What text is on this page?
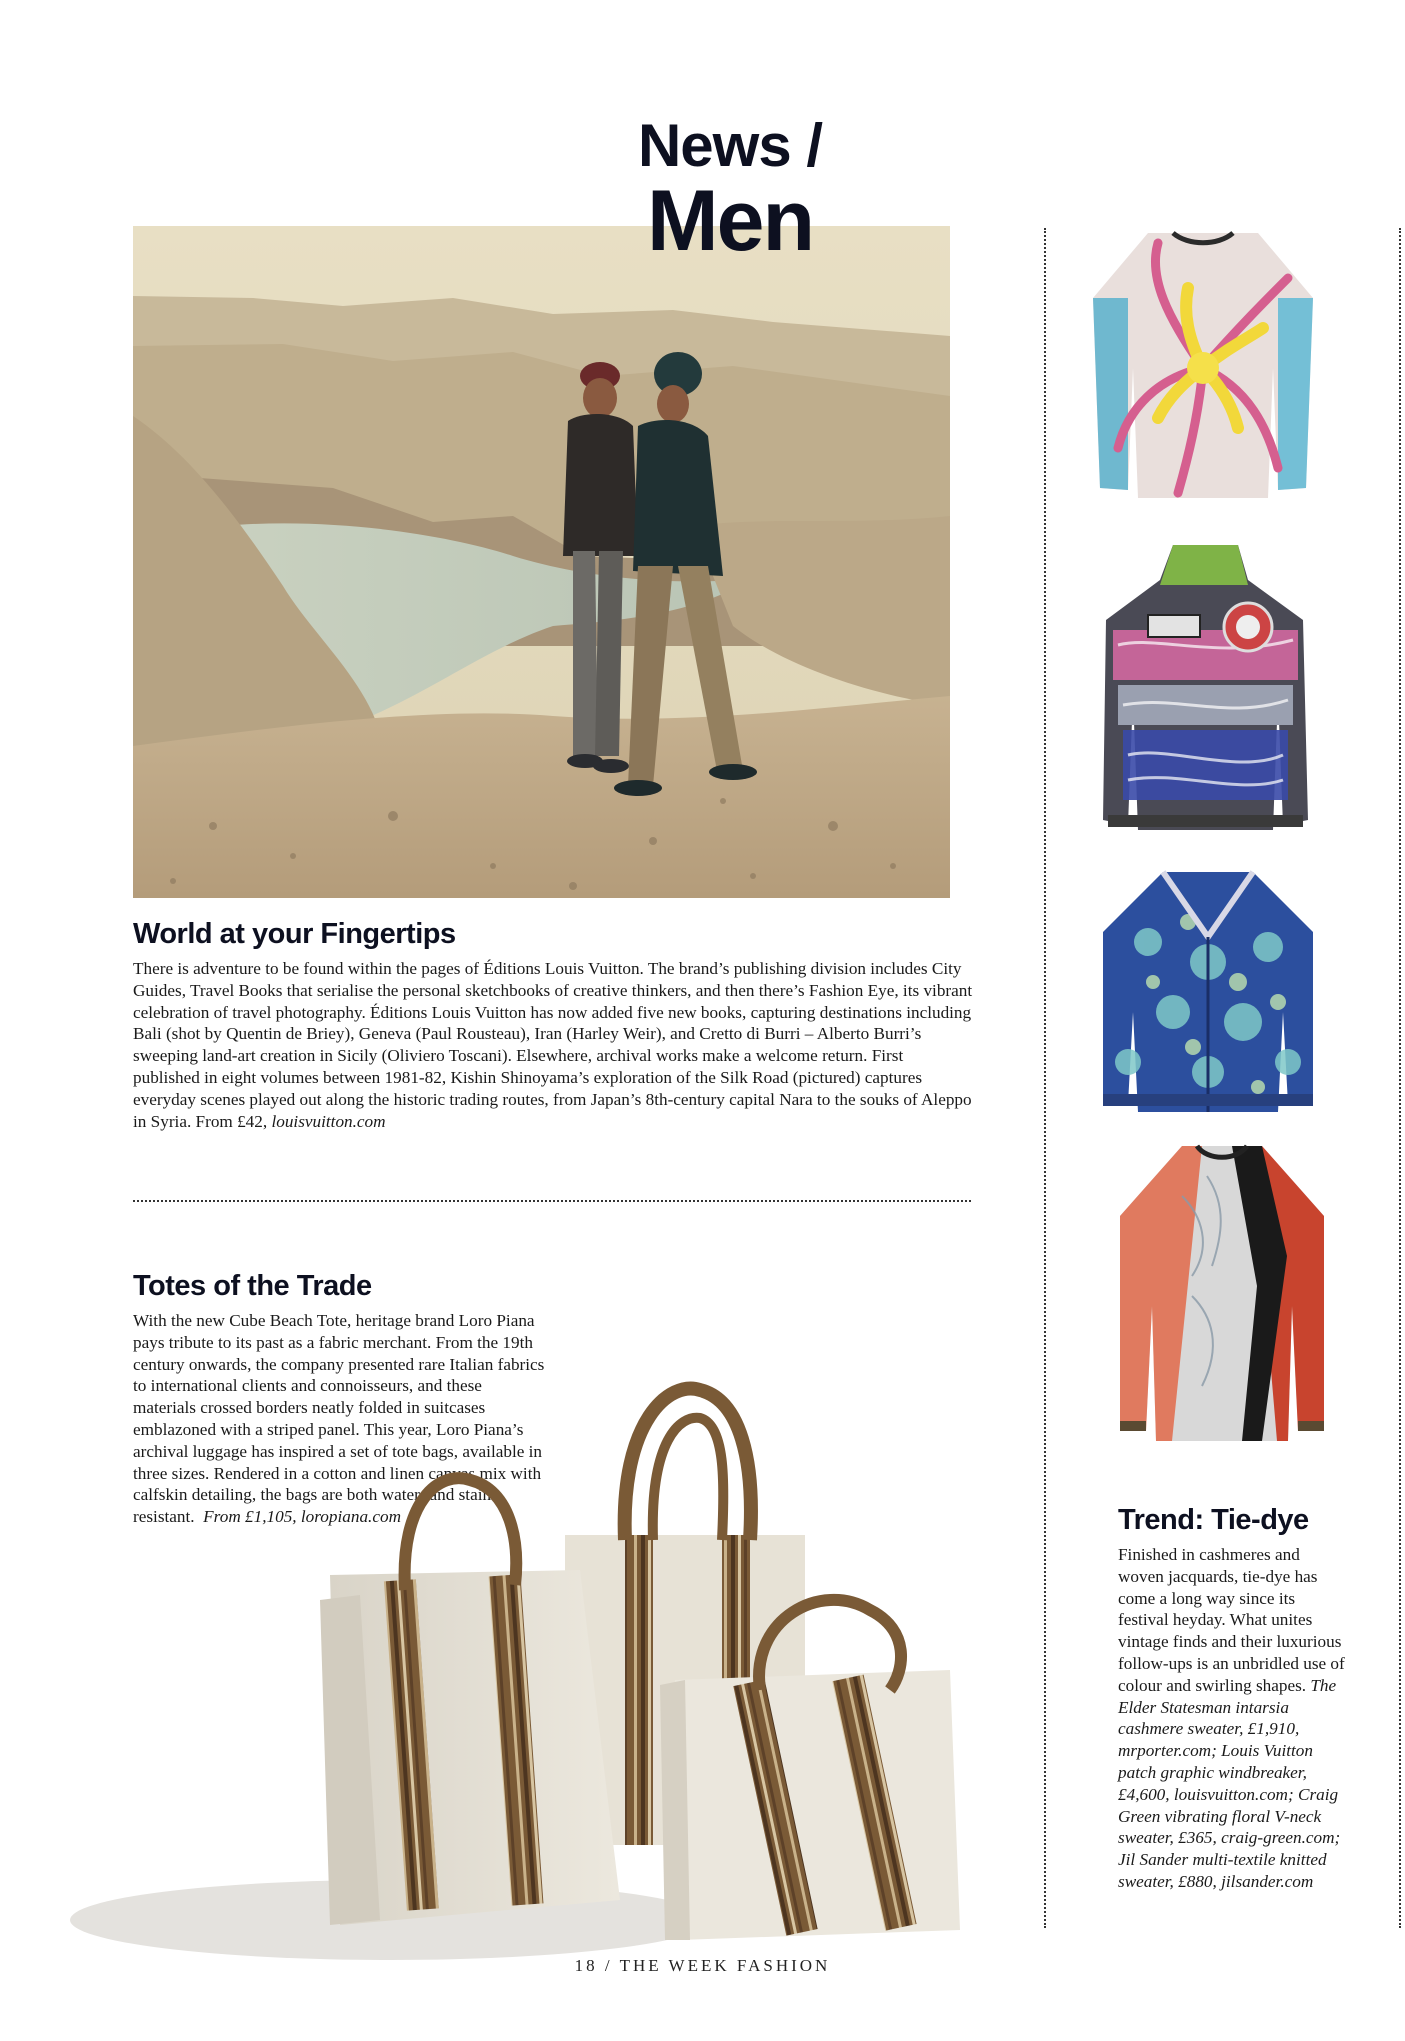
News /
Men
World at your Fingertips

There is adventure to be found within the pages of Éditions Louis Vuitton. The brand’s publishing division includes City Guides, Travel Books that serialise the personal sketchbooks of creative thinkers, and then there’s Fashion Eye, its vibrant celebration of travel photography. Éditions Louis Vuitton has now added five new books, capturing destinations including Bali (shot by Quentin de Briey), Geneva (Paul Rousteau), Iran (Harley Weir), and Cretto di Burri – Alberto Burri’s sweeping land-art creation in Sicily (Oliviero Toscani). Elsewhere, archival works make a welcome return. First published in eight volumes between 1981-82, Kishin Shinoyama’s exploration of the Silk Road (pictured) captures everyday scenes played out along the historic trading routes, from Japan’s 8th-century capital Nara to the souks of Aleppo in Syria. From £42, louisvuitton.com

Totes of the Trade

With the new Cube Beach Tote, heritage brand Loro Piana pays tribute to its past as a fabric merchant. From the 19th century onwards, the company presented rare Italian fabrics to international clients and connoisseurs, and these materials crossed borders neatly folded in suitcases emblazoned with a striped panel. This year, Loro Piana’s archival luggage has inspired a set of tote bags, available in three sizes. Rendered in a cotton and linen canvas mix with calfskin detailing, the bags are both water- and stain-resistant. From £1,105, loropiana.com	Trend: Tie-dye

Finished in cashmeres and woven jacquards, tie-dye has come a long way since its festival heyday. What unites vintage finds and their luxurious follow-ups is an unbridled use of colour and swirling shapes. The Elder Statesman intarsia cashmere sweater, £1,910, mrporter.com; Louis Vuitton patch graphic windbreaker, £4,600, louisvuitton.com; Craig Green vibrating floral V-neck sweater, £365, craig-green.com; Jil Sander multi-textile knitted sweater, £880, jilsander.com

18 / THE WEEK FASHION
